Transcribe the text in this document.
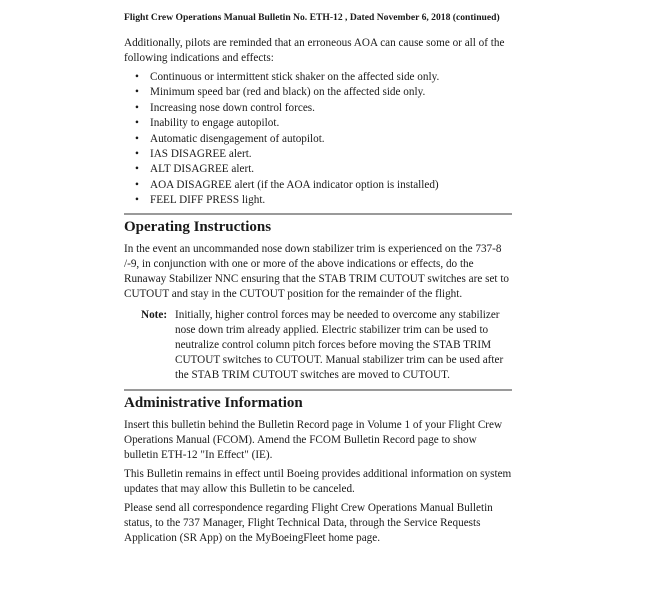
Flight Crew Operations Manual Bulletin No. ETH-12 , Dated November 6, 2018 (continued)

Additionally, pilots are reminded that an erroneous AOA can cause some or all of the following indications and effects:

• Continuous or intermittent stick shaker on the affected side only.
• Minimum speed bar (red and black) on the affected side only.
• Increasing nose down control forces.
• Inability to engage autopilot.
• Automatic disengagement of autopilot.
• IAS DISAGREE alert.
• ALT DISAGREE alert.
• AOA DISAGREE alert (if the AOA indicator option is installed)
• FEEL DIFF PRESS light.
Operating Instructions

In the event an uncommanded nose down stabilizer trim is experienced on the 737-8 /-9, in conjunction with one or more of the above indications or effects, do the Runaway Stabilizer NNC ensuring that the STAB TRIM CUTOUT switches are set to CUTOUT and stay in the CUTOUT position for the remainder of the flight.

Note: Initially, higher control forces may be needed to overcome any stabilizer nose down trim already applied. Electric stabilizer trim can be used to neutralize control column pitch forces before moving the STAB TRIM CUTOUT switches to CUTOUT. Manual stabilizer trim can be used after the STAB TRIM CUTOUT switches are moved to CUTOUT.
Administrative Information

Insert this bulletin behind the Bulletin Record page in Volume 1 of your Flight Crew Operations Manual (FCOM). Amend the FCOM Bulletin Record page to show bulletin ETH-12 "In Effect" (IE).

This Bulletin remains in effect until Boeing provides additional information on system updates that may allow this Bulletin to be canceled.

Please send all correspondence regarding Flight Crew Operations Manual Bulletin status, to the 737 Manager, Flight Technical Data, through the Service Requests Application (SR App) on the MyBoeingFleet home page.
